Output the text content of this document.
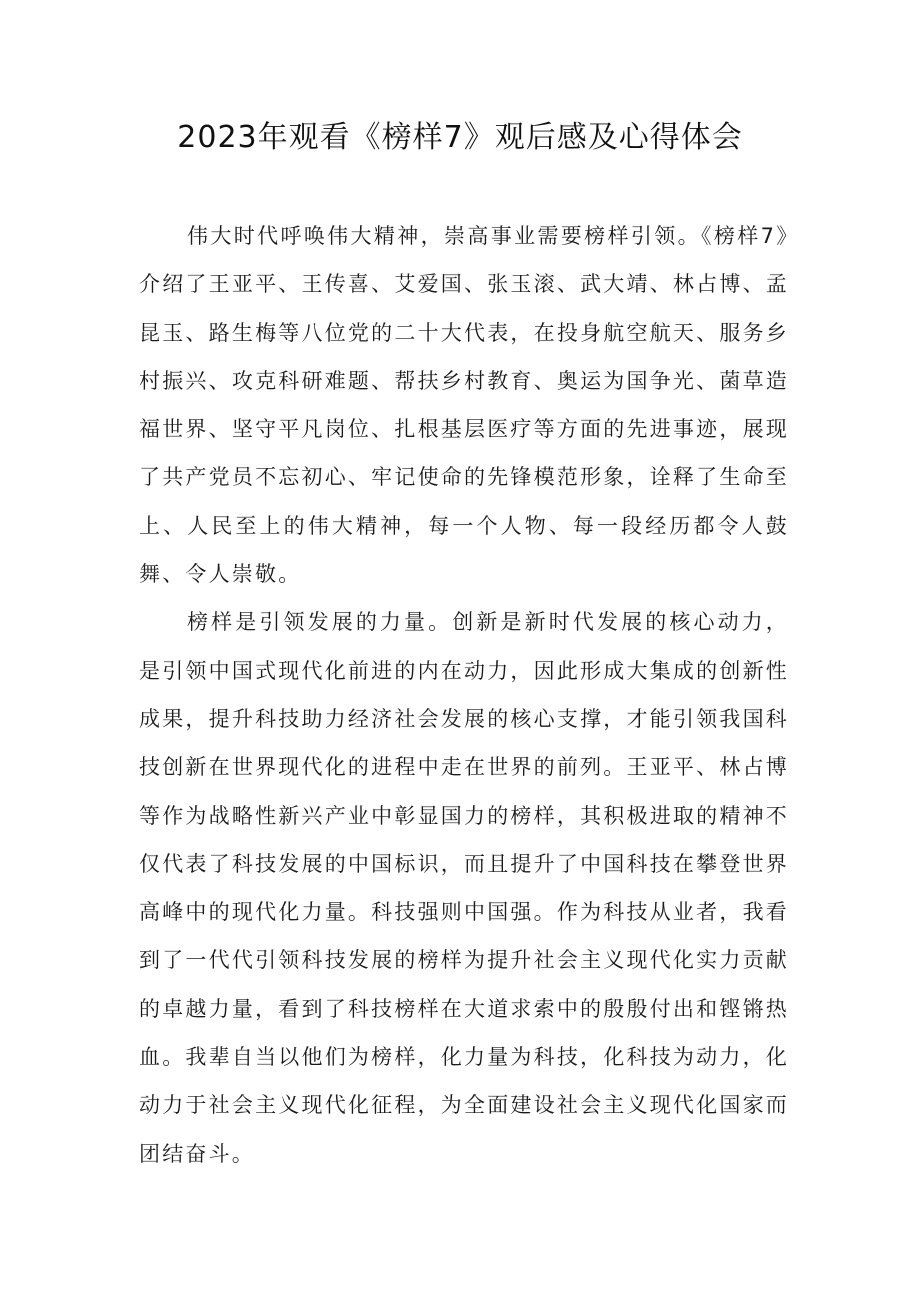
2023年观看《榜样7》观后感及心得体会

伟大时代呼唤伟大精神，崇高事业需要榜样引领。《榜样7》介绍了王亚平、王传喜、艾爱国、张玉滚、武大靖、林占博、孟昆玉、路生梅等八位党的二十大代表，在投身航空航天、服务乡村振兴、攻克科研难题、帮扶乡村教育、奥运为国争光、菌草造福世界、坚守平凡岗位、扎根基层医疗等方面的先进事迹，展现了共产党员不忘初心、牢记使命的先锋模范形象，诠释了生命至上、人民至上的伟大精神，每一个人物、每一段经历都令人鼓舞、令人崇敬。

榜样是引领发展的力量。创新是新时代发展的核心动力，是引领中国式现代化前进的内在动力，因此形成大集成的创新性成果，提升科技助力经济社会发展的核心支撑，才能引领我国科技创新在世界现代化的进程中走在世界的前列。王亚平、林占博等作为战略性新兴产业中彰显国力的榜样，其积极进取的精神不仅代表了科技发展的中国标识，而且提升了中国科技在攀登世界高峰中的现代化力量。科技强则中国强。作为科技从业者，我看到了一代代引领科技发展的榜样为提升社会主义现代化实力贡献的卓越力量，看到了科技榜样在大道求索中的殷殷付出和铿锵热血。我辈自当以他们为榜样，化力量为科技，化科技为动力，化动力于社会主义现代化征程，为全面建设社会主义现代化国家而团结奋斗。
